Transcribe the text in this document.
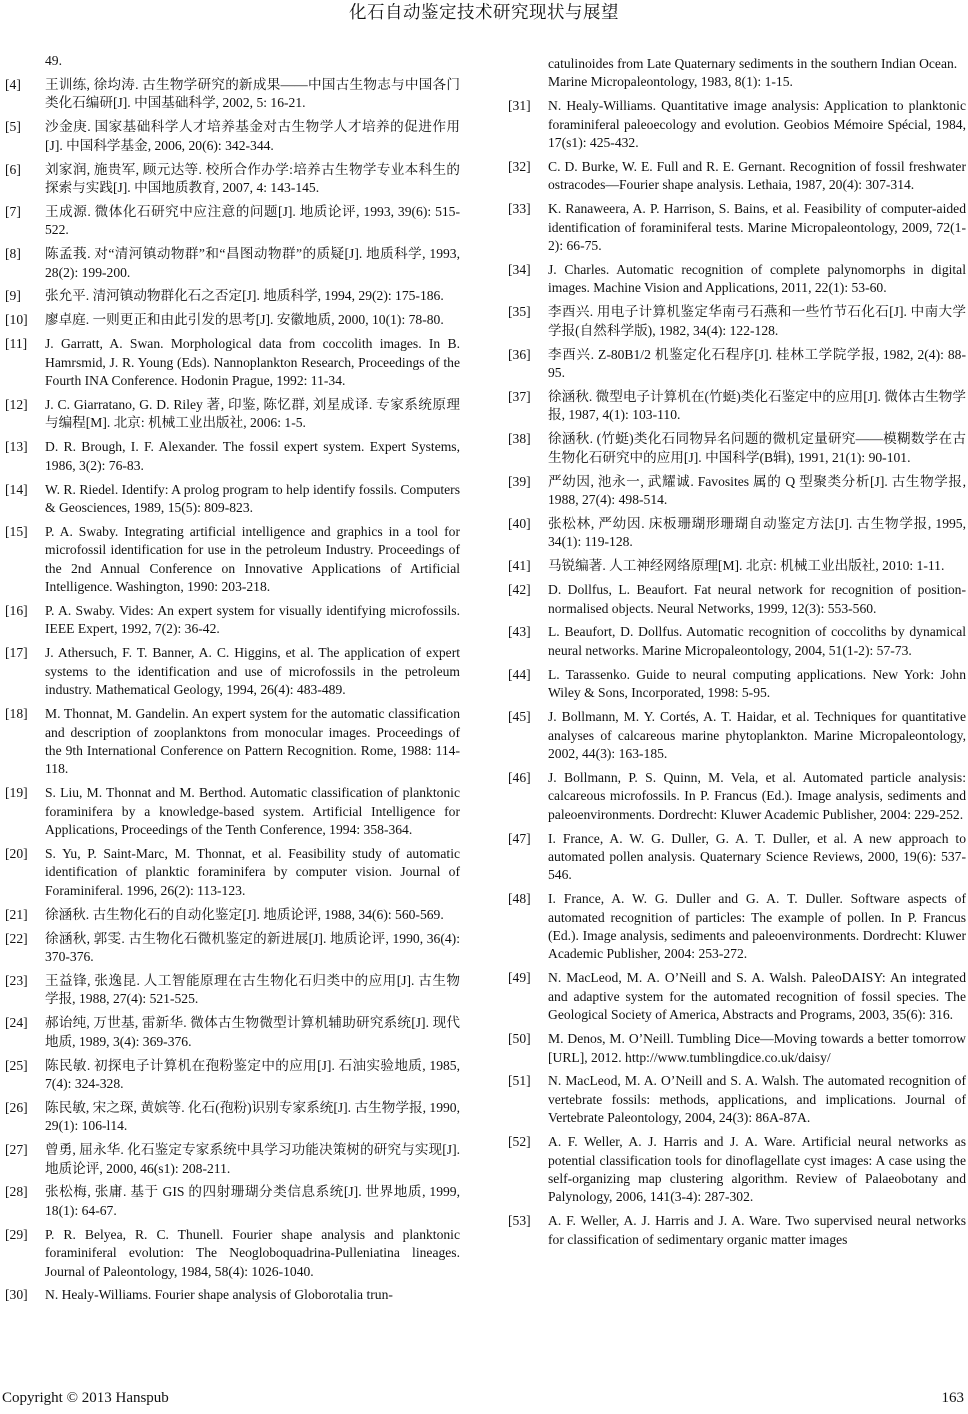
化石自动鉴定技术研究现状与展望
49.
[4]	王训练, 徐均涛. 古生物学研究的新成果——中国古生物志与中国各门类化石编研[J]. 中国基础科学, 2002, 5: 16-21.
[5]	沙金庚. 国家基础科学人才培养基金对古生物学人才培养的促进作用[J]. 中国科学基金, 2006, 20(6): 342-344.
[6]	刘家润, 施贵军, 顾元达等. 校所合作办学:培养古生物学专业本科生的探索与实践[J]. 中国地质教育, 2007, 4: 143-145.
[7]	王成源. 微体化石研究中应注意的问题[J]. 地质论评, 1993, 39(6): 515-522.
[8]	陈孟莪. 对“清河镇动物群”和“昌图动物群”的质疑[J]. 地质科学, 1993, 28(2): 199-200.
[9]	张允平. 清河镇动物群化石之否定[J]. 地质科学, 1994, 29(2): 175-186.
[10]	廖卓庭. 一则更正和由此引发的思考[J]. 安徽地质, 2000, 10(1): 78-80.
[11]	J. Garratt, A. Swan. Morphological data from coccolith images. In B. Hamrsmid, J. R. Young (Eds). Nannoplankton Research, Proceedings of the Fourth INA Conference. Hodonin Prague, 1992: 11-34.
[12]	J. C. Giarratano, G. D. Riley 著, 印鉴, 陈忆群, 刘星成译. 专家系统原理与编程[M]. 北京: 机械工业出版社, 2006: 1-5.
[13]	D. R. Brough, I. F. Alexander. The fossil expert system. Expert Systems, 1986, 3(2): 76-83.
[14]	W. R. Riedel. Identify: A prolog program to help identify fossils. Computers & Geosciences, 1989, 15(5): 809-823.
[15]	P. A. Swaby. Integrating artificial intelligence and graphics in a tool for microfossil identification for use in the petroleum Industry. Proceedings of the 2nd Annual Conference on Innovative Applications of Artificial Intelligence. Washington, 1990: 203-218.
[16]	P. A. Swaby. Vides: An expert system for visually identifying microfossils. IEEE Expert, 1992, 7(2): 36-42.
[17]	J. Athersuch, F. T. Banner, A. C. Higgins, et al. The application of expert systems to the identification and use of microfossils in the petroleum industry. Mathematical Geology, 1994, 26(4): 483-489.
[18]	M. Thonnat, M. Gandelin. An expert system for the automatic classification and description of zooplanktons from monocular images. Proceedings of the 9th International Conference on Pattern Recognition. Rome, 1988: 114-118.
[19]	S. Liu, M. Thonnat and M. Berthod. Automatic classification of planktonic foraminifera by a knowledge-based system. Artificial Intelligence for Applications, Proceedings of the Tenth Conference, 1994: 358-364.
[20]	S. Yu, P. Saint-Marc, M. Thonnat, et al. Feasibility study of automatic identification of planktic foraminifera by computer vision. Journal of Foraminiferal. 1996, 26(2): 113-123.
[21]	徐涵秋. 古生物化石的自动化鉴定[J]. 地质论评, 1988, 34(6): 560-569.
[22]	徐涵秋, 郭雯. 古生物化石微机鉴定的新进展[J]. 地质论评, 1990, 36(4): 370-376.
[23]	王益锋, 张逸昆. 人工智能原理在古生物化石归类中的应用[J]. 古生物学报, 1988, 27(4): 521-525.
[24]	郝诒纯, 万世基, 雷新华. 微体古生物微型计算机辅助研究系统[J]. 现代地质, 1989, 3(4): 369-376.
[25]	陈民敏. 初探电子计算机在孢粉鉴定中的应用[J]. 石油实验地质, 1985, 7(4): 324-328.
[26]	陈民敏, 宋之琛, 黄嫔等. 化石(孢粉)识别专家系统[J]. 古生物学报, 1990, 29(1): 106-l14.
[27]	曾勇, 屈永华. 化石鉴定专家系统中具学习功能决策树的研究与实现[J]. 地质论评, 2000, 46(s1): 208-211.
[28]	张松梅, 张庸. 基于 GIS 的四射珊瑚分类信息系统[J]. 世界地质, 1999, 18(1): 64-67.
[29]	P. R. Belyea, R. C. Thunell. Fourier shape analysis and planktonic foraminiferal evolution: The Neogloboquadrina-Pulleniatina lineages. Journal of Paleontology, 1984, 58(4): 1026-1040.
[30]	N. Healy-Williams. Fourier shape analysis of Globorotalia trun-
catulinoides from Late Quaternary sediments in the southern Indian Ocean. Marine Micropaleontology, 1983, 8(1): 1-15.
[31]	N. Healy-Williams. Quantitative image analysis: Application to planktonic foraminiferal paleoecology and evolution. Geobios Mémoire Spécial, 1984, 17(s1): 425-432.
[32]	C. D. Burke, W. E. Full and R. E. Gernant. Recognition of fossil freshwater ostracodes—Fourier shape analysis. Lethaia, 1987, 20(4): 307-314.
[33]	K. Ranaweera, A. P. Harrison, S. Bains, et al. Feasibility of computer-aided identification of foraminiferal tests. Marine Micropaleontology, 2009, 72(1-2): 66-75.
[34]	J. Charles. Automatic recognition of complete palynomorphs in digital images. Machine Vision and Applications, 2011, 22(1): 53-60.
[35]	李酉兴. 用电子计算机鉴定华南弓石燕和一些竹节石化石[J]. 中南大学学报(自然科学版), 1982, 34(4): 122-128.
[36]	李酉兴. Z-80B1/2 机鉴定化石程序[J]. 桂林工学院学报, 1982, 2(4): 88-95.
[37]	徐涵秋. 微型电子计算机在(竹蜓)类化石鉴定中的应用[J]. 微体古生物学报, 1987, 4(1): 103-110.
[38]	徐涵秋. (竹蜓)类化石同物异名问题的微机定量研究——模糊数学在古生物化石研究中的应用[J]. 中国科学(B辑), 1991, 21(1): 90-101.
[39]	严幼因, 池永一, 武耀诚. Favosites 属的 Q 型聚类分析[J]. 古生物学报, 1988, 27(4): 498-514.
[40]	张松林, 严幼因. 床板珊瑚形珊瑚自动鉴定方法[J]. 古生物学报, 1995, 34(1): 119-128.
[41]	马锐编著. 人工神经网络原理[M]. 北京: 机械工业出版社, 2010: 1-11.
[42]	D. Dollfus, L. Beaufort. Fat neural network for recognition of position-normalised objects. Neural Networks, 1999, 12(3): 553-560.
[43]	L. Beaufort, D. Dollfus. Automatic recognition of coccoliths by dynamical neural networks. Marine Micropaleontology, 2004, 51(1-2): 57-73.
[44]	L. Tarassenko. Guide to neural computing applications. New York: John Wiley & Sons, Incorporated, 1998: 5-95.
[45]	J. Bollmann, M. Y. Cortés, A. T. Haidar, et al. Techniques for quantitative analyses of calcareous marine phytoplankton. Marine Micropaleontology, 2002, 44(3): 163-185.
[46]	J. Bollmann, P. S. Quinn, M. Vela, et al. Automated particle analysis: calcareous microfossils. In P. Francus (Ed.). Image analysis, sediments and paleoenvironments. Dordrecht: Kluwer Academic Publisher, 2004: 229-252.
[47]	I. France, A. W. G. Duller, G. A. T. Duller, et al. A new approach to automated pollen analysis. Quaternary Science Reviews, 2000, 19(6): 537-546.
[48]	I. France, A. W. G. Duller and G. A. T. Duller. Software aspects of automated recognition of particles: The example of pollen. In P. Francus (Ed.). Image analysis, sediments and paleoenvironments. Dordrecht: Kluwer Academic Publisher, 2004: 253-272.
[49]	N. MacLeod, M. A. O’Neill and S. A. Walsh. PaleoDAISY: An integrated and adaptive system for the automated recognition of fossil species. The Geological Society of America, Abstracts and Programs, 2003, 35(6): 316.
[50]	M. Denos, M. O’Neill. Tumbling Dice—Moving towards a better tomorrow [URL], 2012. http://www.tumblingdice.co.uk/daisy/
[51]	N. MacLeod, M. A. O’Neill and S. A. Walsh. The automated recognition of vertebrate fossils: methods, applications, and implications. Journal of Vertebrate Paleontology, 2004, 24(3): 86A-87A.
[52]	A. F. Weller, A. J. Harris and J. A. Ware. Artificial neural networks as potential classification tools for dinoflagellate cyst images: A case using the self-organizing map clustering algorithm. Review of Palaeobotany and Palynology, 2006, 141(3-4): 287-302.
[53]	A. F. Weller, A. J. Harris and J. A. Ware. Two supervised neural networks for classification of sedimentary organic matter images
Copyright © 2013 Hanspub	163
